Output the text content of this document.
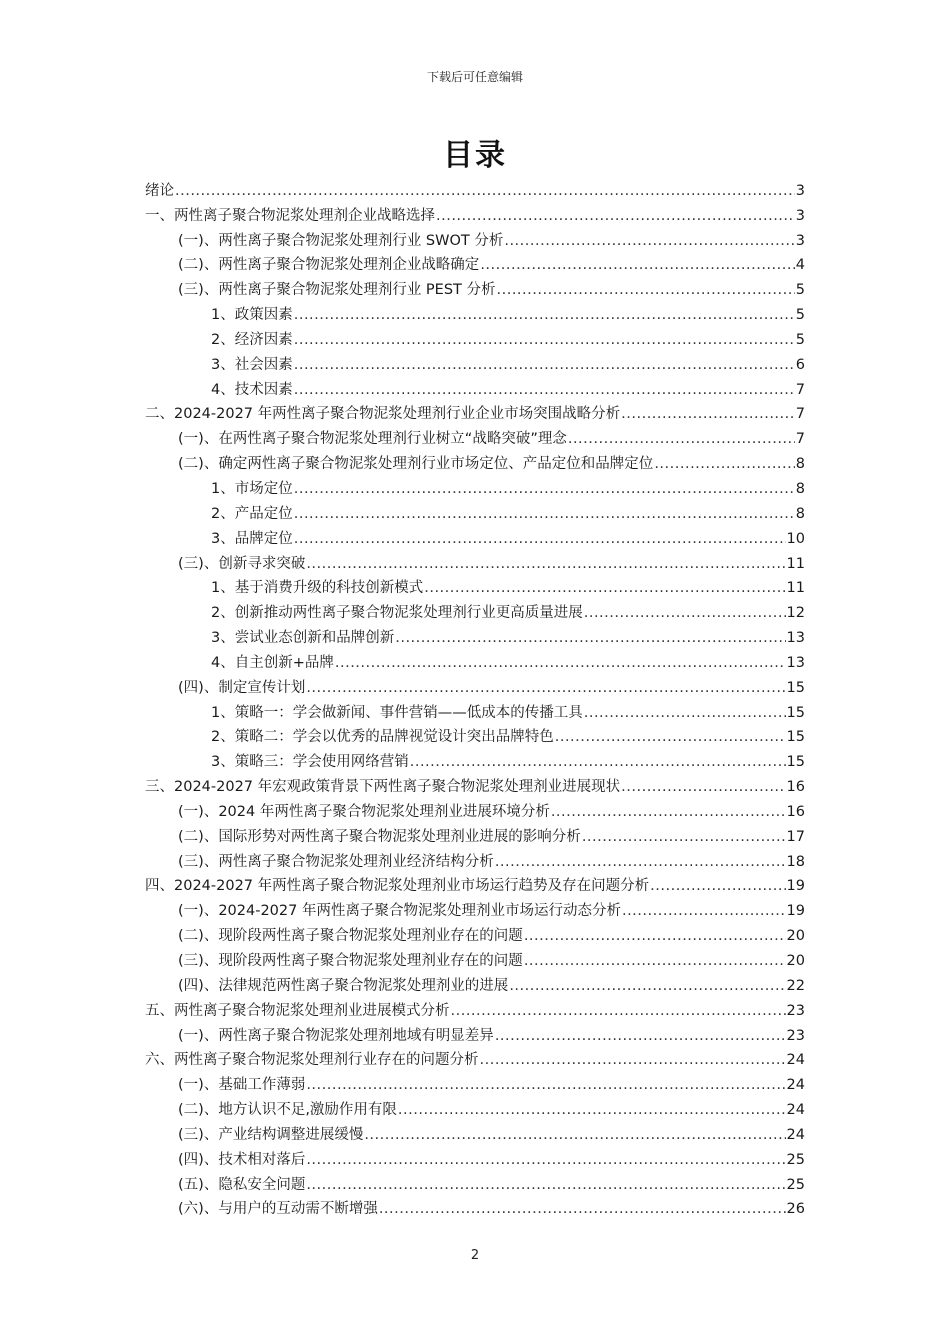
下载后可任意编辑
目录
绪论 .....	3
一、两性离子聚合物泥浆处理剂企业战略选择 .....	3
(一)、两性离子聚合物泥浆处理剂行业 SWOT 分析 .....	3
(二)、两性离子聚合物泥浆处理剂企业战略确定 .....	4
(三)、两性离子聚合物泥浆处理剂行业 PEST 分析 .....	5
1、政策因素 .....	5
2、经济因素 .....	5
3、社会因素 .....	6
4、技术因素 .....	7
二、2024-2027 年两性离子聚合物泥浆处理剂行业企业市场突围战略分析 .....	7
(一)、在两性离子聚合物泥浆处理剂行业树立“战略突破”理念 .....	7
(二)、确定两性离子聚合物泥浆处理剂行业市场定位、产品定位和品牌定位 .....	8
1、市场定位 .....	8
2、产品定位 .....	8
3、品牌定位 .....	10
(三)、创新寻求突破 .....	11
1、基于消费升级的科技创新模式 .....	11
2、创新推动两性离子聚合物泥浆处理剂行业更高质量进展 .....	12
3、尝试业态创新和品牌创新 .....	13
4、自主创新+品牌 .....	13
(四)、制定宣传计划 .....	15
1、策略一：学会做新闻、事件营销——低成本的传播工具 .....	15
2、策略二：学会以优秀的品牌视觉设计突出品牌特色 .....	15
3、策略三：学会使用网络营销 .....	15
三、2024-2027 年宏观政策背景下两性离子聚合物泥浆处理剂业进展现状 .....	16
(一)、2024 年两性离子聚合物泥浆处理剂业进展环境分析 .....	16
(二)、国际形势对两性离子聚合物泥浆处理剂业进展的影响分析 .....	17
(三)、两性离子聚合物泥浆处理剂业经济结构分析 .....	18
四、2024-2027 年两性离子聚合物泥浆处理剂业市场运行趋势及存在问题分析 .....	19
(一)、2024-2027 年两性离子聚合物泥浆处理剂业市场运行动态分析 .....	19
(二)、现阶段两性离子聚合物泥浆处理剂业存在的问题 .....	20
(三)、现阶段两性离子聚合物泥浆处理剂业存在的问题 .....	20
(四)、法律规范两性离子聚合物泥浆处理剂业的进展 .....	22
五、两性离子聚合物泥浆处理剂业进展模式分析 .....	23
(一)、两性离子聚合物泥浆处理剂地域有明显差异 .....	23
六、两性离子聚合物泥浆处理剂行业存在的问题分析 .....	24
(一)、基础工作薄弱 .....	24
(二)、地方认识不足,激励作用有限 .....	24
(三)、产业结构调整进展缓慢 .....	24
(四)、技术相对落后 .....	25
(五)、隐私安全问题 .....	25
(六)、与用户的互动需不断增强 .....	26
2
